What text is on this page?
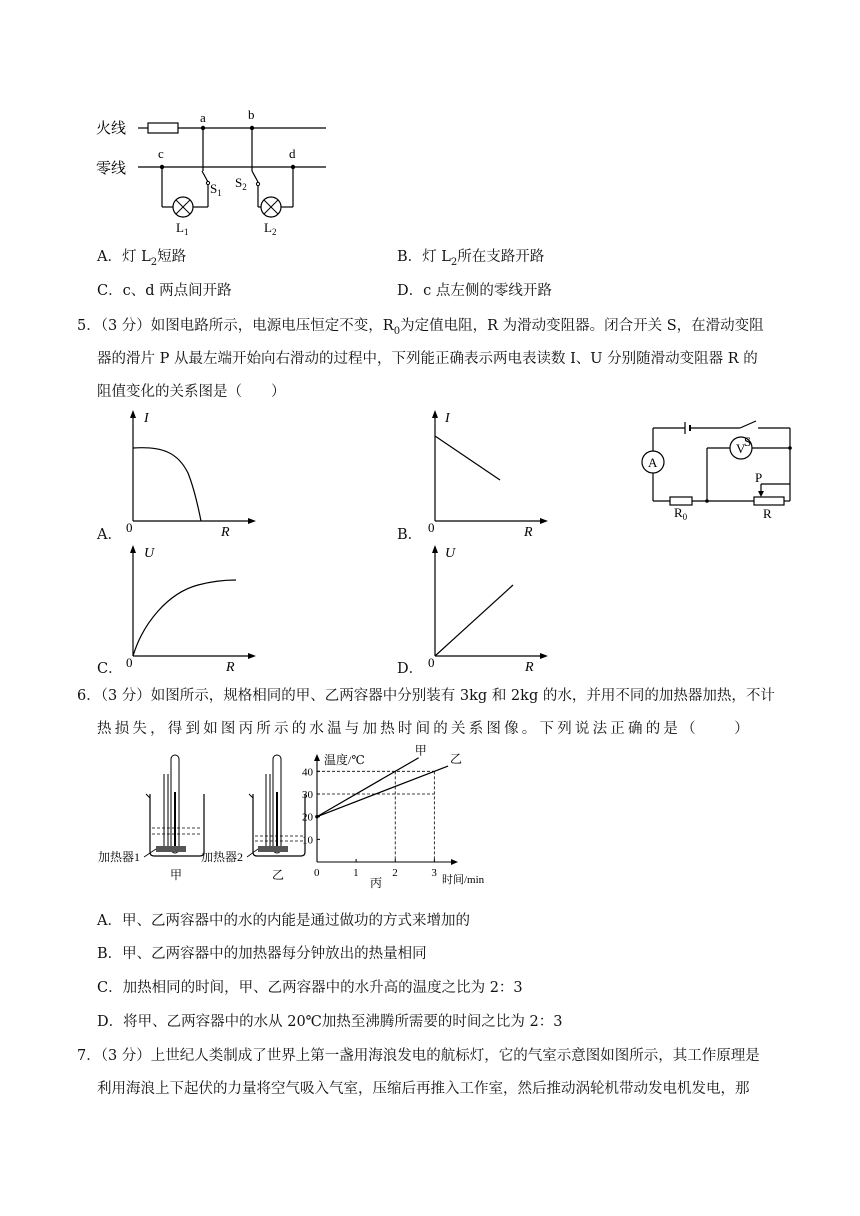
火线
零线
a	b
c	d
$S_1$
$L_1$
$S_2$
$L_2$
A．灯 $L_2$短路	B．灯 $L_2$所在支路开路
C．c、d 两点间开路	D．c 点左侧的零线开路
5．（3 分）如图电路所示，电源电压恒定不变，$R_0$为定值电阻，R 为滑动变阻器。闭合开关 S，在滑动变阻
器的滑片 P 从最左端开始向右滑动的过程中，下列能正确表示两电表读数 I、U 分别随滑动变阻器 R 的
阻值变化的关系图是（　　）
A．
I
R
0	B．
I
R
0
S
A
$R_0$
V
P
R
C．
U
R
0	D．
U
R
0
6．（3 分）如图所示，规格相同的甲、乙两容器中分别装有 3kg 和 2kg 的水，并用不同的加热器加热，不计
热损失，得到如图丙所示的水温与加热时间的关系图像。下列说法正确的是（　　）
加热器1
甲
加热器2
乙
温度/℃
时间/min
丙
10
20
30
40
0	1	2	3
甲
乙
A．甲、乙两容器中的水的内能是通过做功的方式来增加的
B．甲、乙两容器中的加热器每分钟放出的热量相同
C．加热相同的时间，甲、乙两容器中的水升高的温度之比为 2：3
D．将甲、乙两容器中的水从 20℃加热至沸腾所需要的时间之比为 2：3
7．（3 分）上世纪人类制成了世界上第一盏用海浪发电的航标灯，它的气室示意图如图所示，其工作原理是
利用海浪上下起伏的力量将空气吸入气室，压缩后再推入工作室，然后推动涡轮机带动发电机发电，那
